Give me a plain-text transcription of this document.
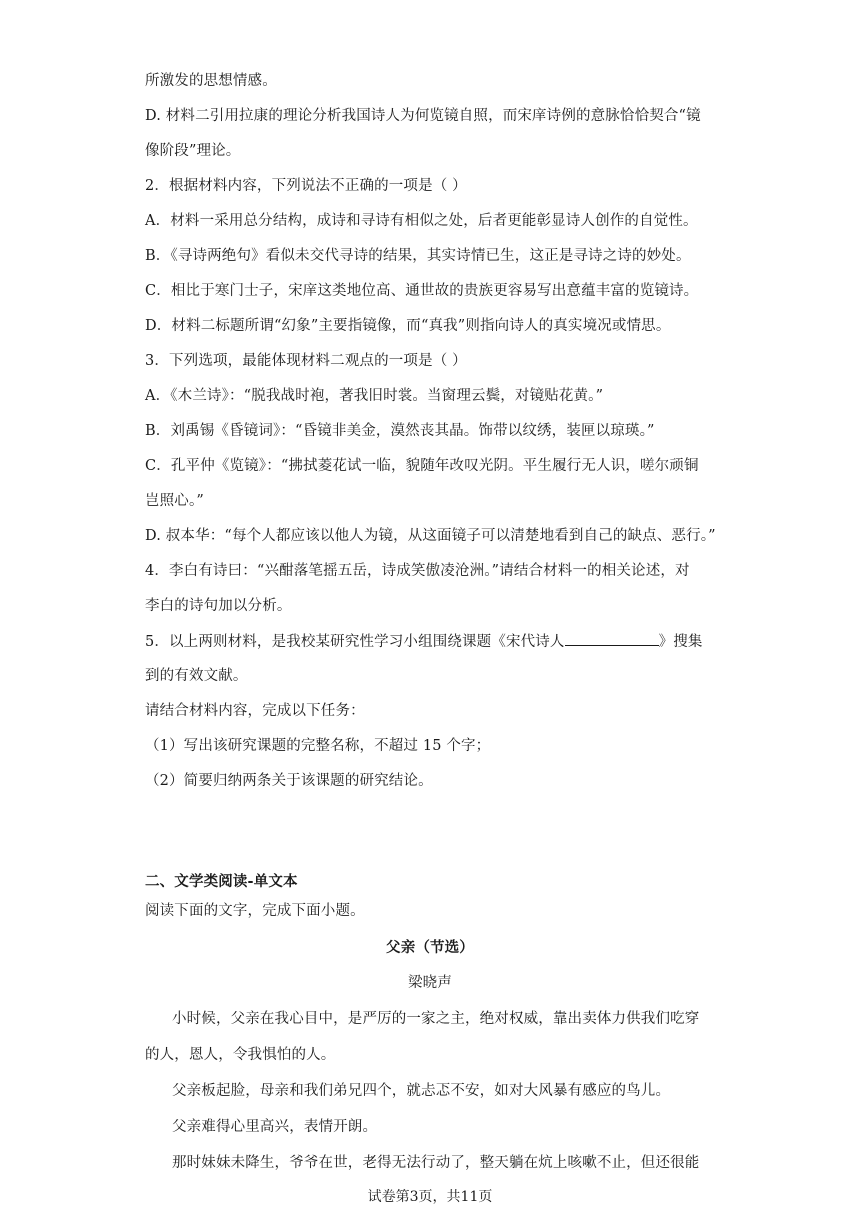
所激发的思想情感。
D. 材料二引用拉康的理论分析我国诗人为何览镜自照，而宋庠诗例的意脉恰恰契合“镜
像阶段”理论。
2．根据材料内容，下列说法不正确的一项是（ ）
A．材料一采用总分结构，成诗和寻诗有相似之处，后者更能彰显诗人创作的自觉性。
B．《寻诗两绝句》看似未交代寻诗的结果，其实诗情已生，这正是寻诗之诗的妙处。
C．相比于寒门士子，宋庠这类地位高、通世故的贵族更容易写出意蕴丰富的览镜诗。
D．材料二标题所谓“幻象”主要指镜像，而“真我”则指向诗人的真实境况或情思。
3．下列选项，最能体现材料二观点的一项是（ ）
A．《木兰诗》：“脱我战时袍，著我旧时裳。当窗理云鬓，对镜贴花黄。”
B．刘禹锡《昏镜词》：“昏镜非美金，漠然丧其晶。饰带以纹绣，装匣以琼瑛。”
C．孔平仲《览镜》：“拂拭菱花试一临，貌随年改叹光阴。平生履行无人识，嗟尔顽铜
岂照心。”
D. 叔本华：“每个人都应该以他人为镜，从这面镜子可以清楚地看到自己的缺点、恶行。”
4．李白有诗曰：“兴酣落笔摇五岳，诗成笑傲凌沧洲。”请结合材料一的相关论述，对
李白的诗句加以分析。
5．以上两则材料，是我校某研究性学习小组围绕课题《宋代诗人	》搜集
到的有效文献。
请结合材料内容，完成以下任务：
（1）写出该研究课题的完整名称，不超过 15 个字；
（2）简要归纳两条关于该课题的研究结论。
二、文学类阅读-单文本
阅读下面的文字，完成下面小题。
父亲（节选）
梁晓声
小时候，父亲在我心目中，是严厉的一家之主，绝对权威，靠出卖体力供我们吃穿
的人，恩人，令我惧怕的人。
父亲板起脸，母亲和我们弟兄四个，就忐忑不安，如对大风暴有感应的鸟儿。
父亲难得心里高兴，表情开朗。
那时妹妹未降生，爷爷在世，老得无法行动了，整天躺在炕上咳嗽不止，但还很能
试卷第3页，共11页
